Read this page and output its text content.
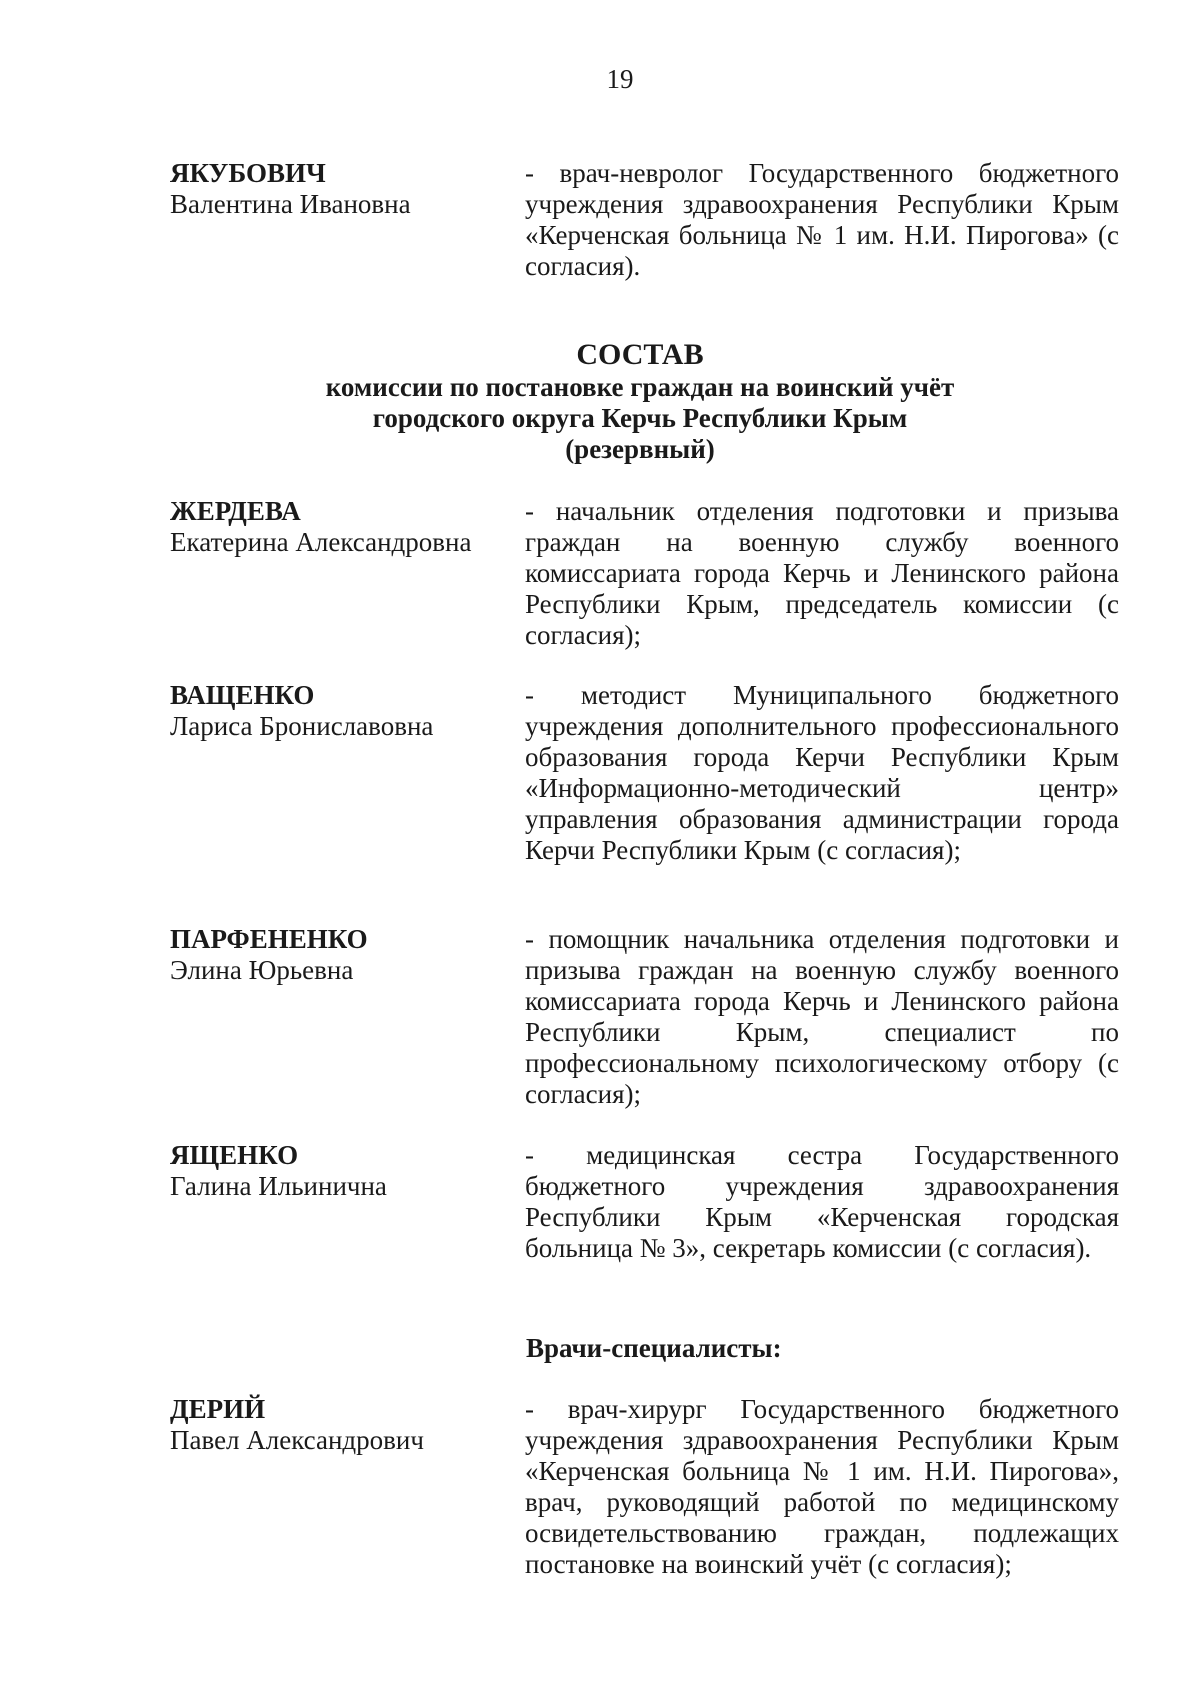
19
ЯКУБОВИЧ
Валентина Ивановна
- врач-невролог Государственного бюджетного учреждения здравоохранения Республики Крым «Керченская больница № 1 им. Н.И. Пирогова» (с согласия).
СОСТАВ
комиссии по постановке граждан на воинский учёт
городского округа Керчь Республики Крым
(резервный)
ЖЕРДЕВА
Екатерина Александровна
- начальник отделения подготовки и призыва граждан на военную службу военного комиссариата города Керчь и Ленинского района Республики Крым, председатель комиссии (с согласия);
ВАЩЕНКО
Лариса Брониславовна
- методист Муниципального бюджетного учреждения дополнительного профессионального образования города Керчи Республики Крым «Информационно-методический центр» управления образования администрации города Керчи Республики Крым (с согласия);
ПАРФЕНЕНКО
Элина Юрьевна
- помощник начальника отделения подготовки и призыва граждан на военную службу военного комиссариата города Керчь и Ленинского района Республики Крым, специалист по профессиональному психологическому отбору (с согласия);
ЯЩЕНКО
Галина Ильинична
- медицинская сестра Государственного бюджетного учреждения здравоохранения Республики Крым «Керченская городская больница № 3», секретарь комиссии (с согласия).
Врачи-специалисты:
ДЕРИЙ
Павел Александрович
- врач-хирург Государственного бюджетного учреждения здравоохранения Республики Крым «Керченская больница № 1 им. Н.И. Пирогова», врач, руководящий работой по медицинскому освидетельствованию граждан, подлежащих постановке на воинский учёт (с согласия);
